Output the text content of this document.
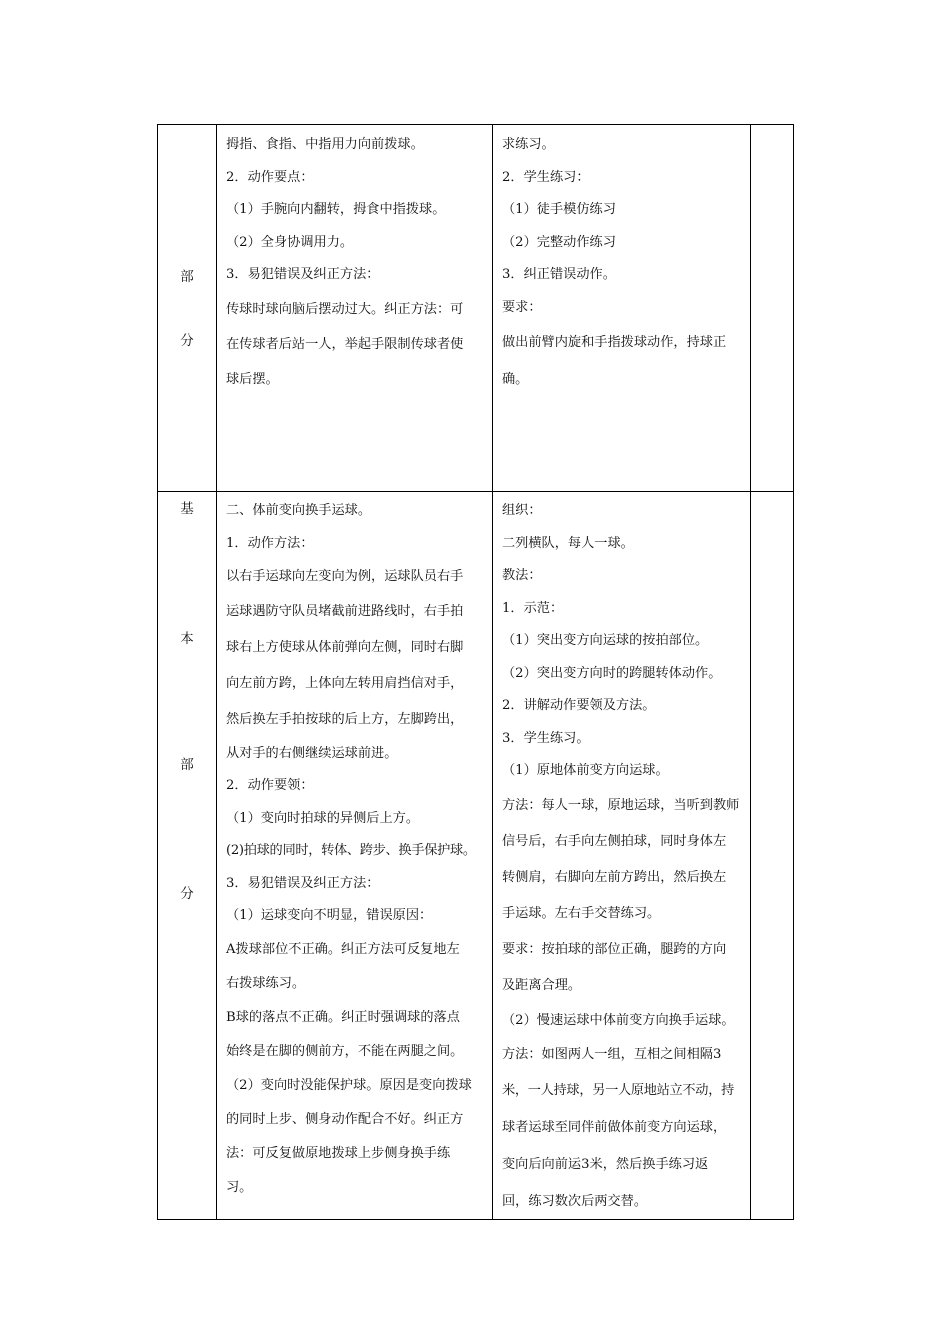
部
分
拇指、食指、中指用力向前拨球。
2．动作要点：
（1）手腕向内翻转，拇食中指拨球。
（2）全身协调用力。
3．易犯错误及纠正方法：
传球时球向脑后摆动过大。纠正方法：可
在传球者后站一人，举起手限制传球者使
球后摆。
求练习。
2．学生练习：
（1）徒手模仿练习
（2）完整动作练习
3．纠正错误动作。
要求：
做出前臂内旋和手指拨球动作，持球正
确。
基
本
部
分
二、体前变向换手运球。
1．动作方法：
以右手运球向左变向为例，运球队员右手
运球遇防守队员堵截前进路线时，右手拍
球右上方使球从体前弹向左侧，同时右脚
向左前方跨，上体向左转用肩挡信对手，
然后换左手拍按球的后上方，左脚跨出，
从对手的右侧继续运球前进。
2．动作要领：
（1）变向时拍球的异侧后上方。
(2)拍球的同时，转体、跨步、换手保护球。
3．易犯错误及纠正方法：
（1）运球变向不明显，错误原因：
A拨球部位不正确。纠正方法可反复地左
右拨球练习。
B球的落点不正确。纠正时强调球的落点
始终是在脚的侧前方，不能在两腿之间。
（2）变向时没能保护球。原因是变向拨球
的同时上步、侧身动作配合不好。纠正方
法：可反复做原地拨球上步侧身换手练
习。
组织：
二列横队，每人一球。
教法：
1．示范：
（1）突出变方向运球的按拍部位。
（2）突出变方向时的跨腿转体动作。
2．讲解动作要领及方法。
3．学生练习。
（1）原地体前变方向运球。
方法：每人一球，原地运球，当听到教师
信号后，右手向左侧拍球，同时身体左
转侧肩，右脚向左前方跨出，然后换左
手运球。左右手交替练习。
要求：按拍球的部位正确，腿跨的方向
及距离合理。
（2）慢速运球中体前变方向换手运球。
方法：如图两人一组，互相之间相隔3
米，一人持球，另一人原地站立不动，持
球者运球至同伴前做体前变方向运球，
变向后向前运3米，然后换手练习返
回，练习数次后两交替。
